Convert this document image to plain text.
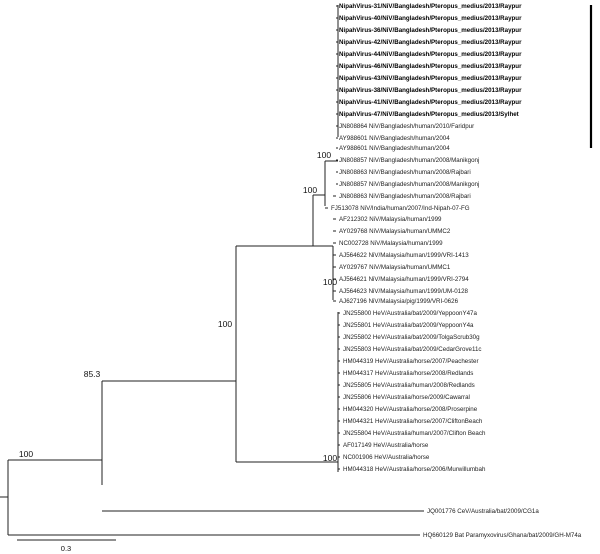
NipahVirus-31/NiV/Bangladesh/Pteropus_medius/2013/Raypur
NipahVirus-40/NiV/Bangladesh/Pteropus_medius/2013/Raypur
NipahVirus-36/NiV/Bangladesh/Pteropus_medius/2013/Raypur
NipahVirus-42/NiV/Bangladesh/Pteropus_medius/2013/Raypur
NipahVirus-44/NiV/Bangladesh/Pteropus_medius/2013/Raypur
NipahVirus-46/NiV/Bangladesh/Pteropus_medius/2013/Raypur
NipahVirus-43/NiV/Bangladesh/Pteropus_medius/2013/Raypur
NipahVirus-38/NiV/Bangladesh/Pteropus_medius/2013/Raypur
NipahVirus-41/NiV/Bangladesh/Pteropus_medius/2013/Raypur
NipahVirus-47/NiV/Bangladesh/Pteropus_medius/2013/Sylhet
JN808864 NiV/Bangladesh/human/2010/Faridpur
AY988601 NiV/Bangladesh/human/2004
AY988601 NiV/Bangladesh/human/2004
JN808857 NiV/Bangladesh/human/2008/Manikgonj
JN808863 NiV/Bangladesh/human/2008/Rajbari
JN808857 NiV/Bangladesh/human/2008/Manikgonj
JN808863 NiV/Bangladesh/human/2008/Rajbari
FJ513078 NiV/India/human/2007/Ind-Nipah-07-FG
AF212302 NiV/Malaysia/human/1999
AY029768 NiV/Malaysia/human/UMMC2
NC002728 NiV/Malaysia/human/1999
AJ564622 NiV/Malaysia/human/1999/VRI-1413
AY029767 NiV/Malaysia/human/UMMC1
AJ564621 NiV/Malaysia/human/1999/VRI-2794
AJ564623 NiV/Malaysia/human/1999/UM-0128
AJ627196 NiV/Malaysia/pig/1999/VRI-0626
JN255800 HeV/Australia/bat/2009/YeppoonY47a
JN255801 HeV/Australia/bat/2009/YeppoonY4a
JN255802 HeV/Australia/bat/2009/TolgaScrub30g
JN255803 HeV/Australia/bat/2009/CedarGrove11c
HM044319 HeV/Australia/horse/2007/Peachester
HM044317 HeV/Australia/horse/2008/Redlands
JN255805 HeV/Australia/human/2008/Redlands
JN255806 HeV/Australia/horse/2009/Cawarral
HM044320 HeV/Australia/horse/2008/Proserpine
HM044321 HeV/Australia/horse/2007/CliftonBeach
JN255804 HeV/Australia/human/2007/Clifton Beach
AF017149 HeV/Australia/horse
NC001906 HeV/Australia/horse
HM044318 HeV/Australia/horse/2006/Murwillumbah
JQ001776 CeV/Australia/bat/2009/CG1a
HQ660129 Bat Paramyxovirus/Ghana/bat/2009/GH-M74a
100
100
100
100
85.3
100
100
0.3
